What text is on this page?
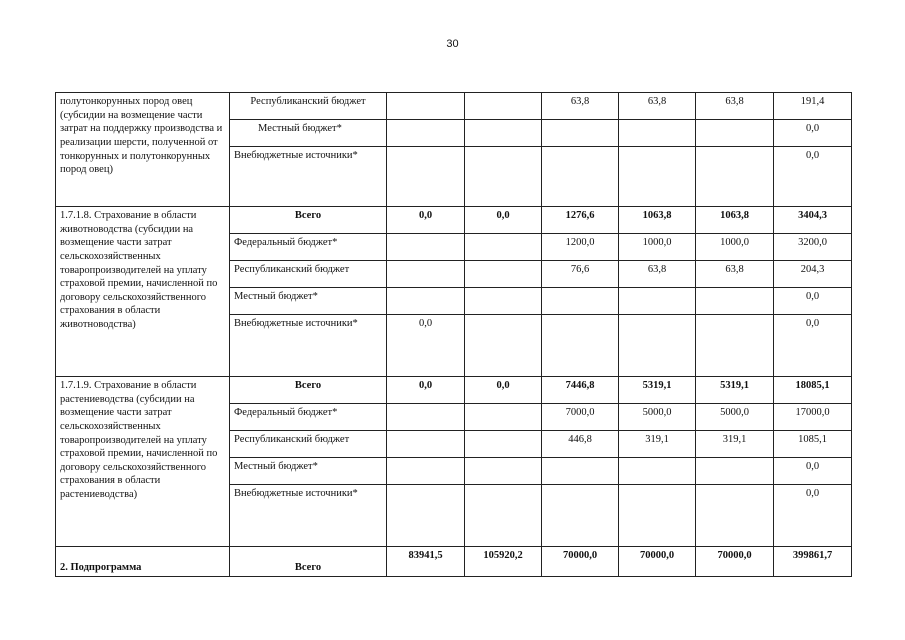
30
полутонкорунных пород овец (субсидии на возмещение части затрат на поддержку производства и реализации шерсти, полученной от тонкорунных и полутонкорунных пород овец)	Республиканский бюджет			63,8	63,8	63,8	191,4
	Местный бюджет*						0,0
	Внебюджетные источники*						0,0
1.7.1.8. Страхование в области животноводства (субсидии на возмещение части затрат сельскохозяйственных товаропроизводителей на уплату страховой премии, начисленной по договору сельскохозяйственного страхования в области животноводства)	Всего	0,0	0,0	1276,6	1063,8	1063,8	3404,3
	Федеральный бюджет*			1200,0	1000,0	1000,0	3200,0
	Республиканский бюджет			76,6	63,8	63,8	204,3
	Местный бюджет*						0,0
	Внебюджетные источники*	0,0					0,0
1.7.1.9. Страхование в области растениеводства (субсидии на возмещение части затрат сельскохозяйственных товаропроизводителей на уплату страховой премии, начисленной по договору сельскохозяйственного страхования в области растениеводства)	Всего	0,0	0,0	7446,8	5319,1	5319,1	18085,1
	Федеральный бюджет*			7000,0	5000,0	5000,0	17000,0
	Республиканский бюджет			446,8	319,1	319,1	1085,1
	Местный бюджет*						0,0
	Внебюджетные источники*						0,0
2. Подпрограмма	Всего	83941,5	105920,2	70000,0	70000,0	70000,0	399861,7
